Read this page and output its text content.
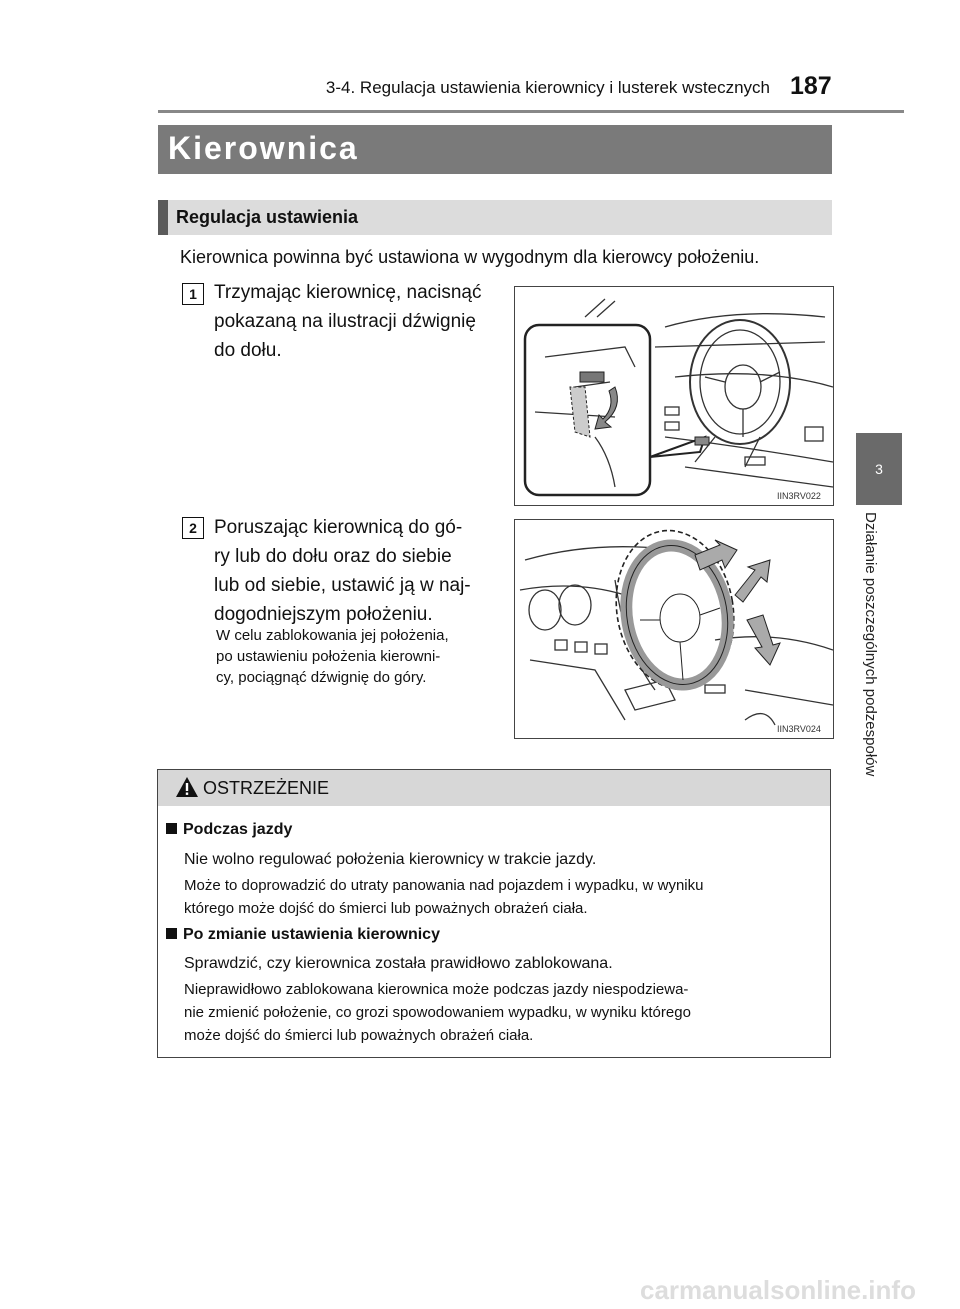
3-4. Regulacja ustawienia kierownicy i lusterek wstecznych 187
3
Działanie poszczególnych podzespołów
Kierownica
Regulacja ustawienia
Kierownica powinna być ustawiona w wygodnym dla kierowcy położeniu.
1 Trzymając kierownicę, nacisnąć
pokazaną na ilustracji dźwignię
do dołu.
IIN3RV022
2 Poruszając kierownicą do gó-
ry lub do dołu oraz do siebie
lub od siebie, ustawić ją w naj-
dogodniejszym położeniu.
W celu zablokowania jej położenia,
po ustawieniu położenia kierowni-
cy, pociągnąć dźwignię do góry.
IIN3RV024
OSTRZEŻENIE
Podczas jazdy
Nie wolno regulować położenia kierownicy w trakcie jazdy.
Może to doprowadzić do utraty panowania nad pojazdem i wypadku, w wyniku
którego może dojść do śmierci lub poważnych obrażeń ciała.
Po zmianie ustawienia kierownicy
Sprawdzić, czy kierownica została prawidłowo zablokowana.
Nieprawidłowo zablokowana kierownica może podczas jazdy niespodziewa-
nie zmienić położenie, co grozi spowodowaniem wypadku, w wyniku którego
może dojść do śmierci lub poważnych obrażeń ciała.
carmanualsonline.info
